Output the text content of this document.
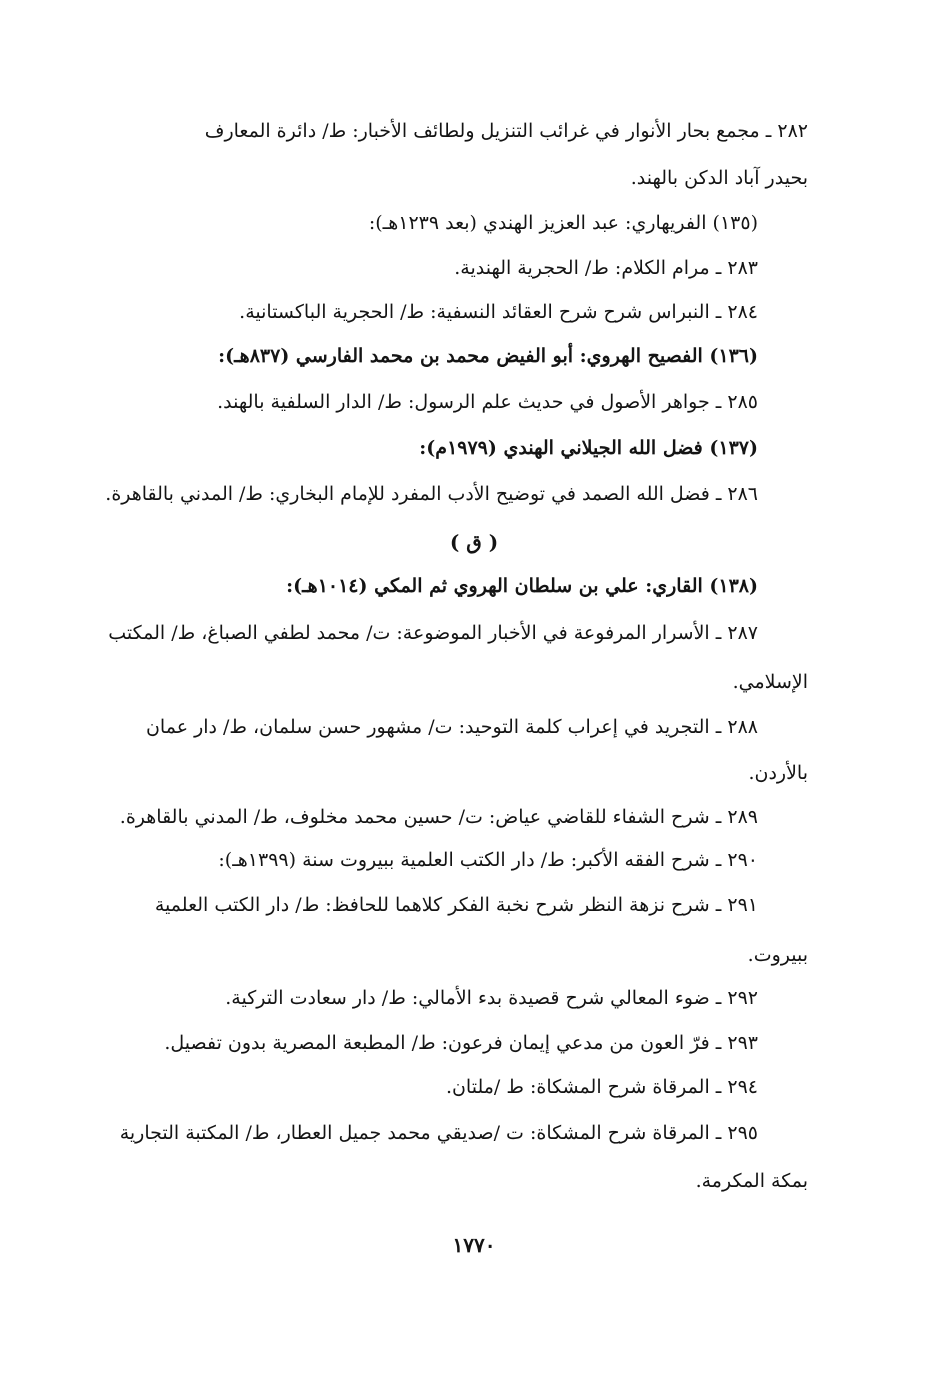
٢٨٢ ـ مجمع بحار الأنوار في غرائب التنزيل ولطائف الأخبار: ط/ دائرة المعارف
بحيدر آباد الدكن بالهند.
(١٣٥) الفريهاري: عبد العزيز الهندي (بعد ١٢٣٩هـ):
٢٨٣ ـ مرام الكلام: ط/ الحجرية الهندية.
٢٨٤ ـ النبراس شرح شرح العقائد النسفية: ط/ الحجرية الباكستانية.
(١٣٦) الفصيح الهروي: أبو الفيض محمد بن محمد الفارسي (٨٣٧هـ):
٢٨٥ ـ جواهر الأصول في حديث علم الرسول: ط/ الدار السلفية بالهند.
(١٣٧) فضل الله الجيلاني الهندي (١٩٧٩م):
٢٨٦ ـ فضل الله الصمد في توضيح الأدب المفرد للإمام البخاري: ط/ المدني بالقاهرة.
( ق )
(١٣٨) القاري: علي بن سلطان الهروي ثم المكي (١٠١٤هـ):
٢٨٧ ـ الأسرار المرفوعة في الأخبار الموضوعة: ت/ محمد لطفي الصباغ، ط/ المكتب
الإسلامي.
٢٨٨ ـ التجريد في إعراب كلمة التوحيد: ت/ مشهور حسن سلمان، ط/ دار عمان
بالأردن.
٢٨٩ ـ شرح الشفاء للقاضي عياض: ت/ حسين محمد مخلوف، ط/ المدني بالقاهرة.
٢٩٠ ـ شرح الفقه الأكبر: ط/ دار الكتب العلمية ببيروت سنة (١٣٩٩هـ):
٢٩١ ـ شرح نزهة النظر شرح نخبة الفكر كلاهما للحافظ: ط/ دار الكتب العلمية
ببيروت.
٢٩٢ ـ ضوء المعالي شرح قصيدة بدء الأمالي: ط/ دار سعادت التركية.
٢٩٣ ـ فرّ العون من مدعي إيمان فرعون: ط/ المطبعة المصرية بدون تفصيل.
٢٩٤ ـ المرقاة شرح المشكاة: ط /ملتان.
٢٩٥ ـ المرقاة شرح المشكاة: ت /صديقي محمد جميل العطار، ط/ المكتبة التجارية
بمكة المكرمة.
١٧٧٠
